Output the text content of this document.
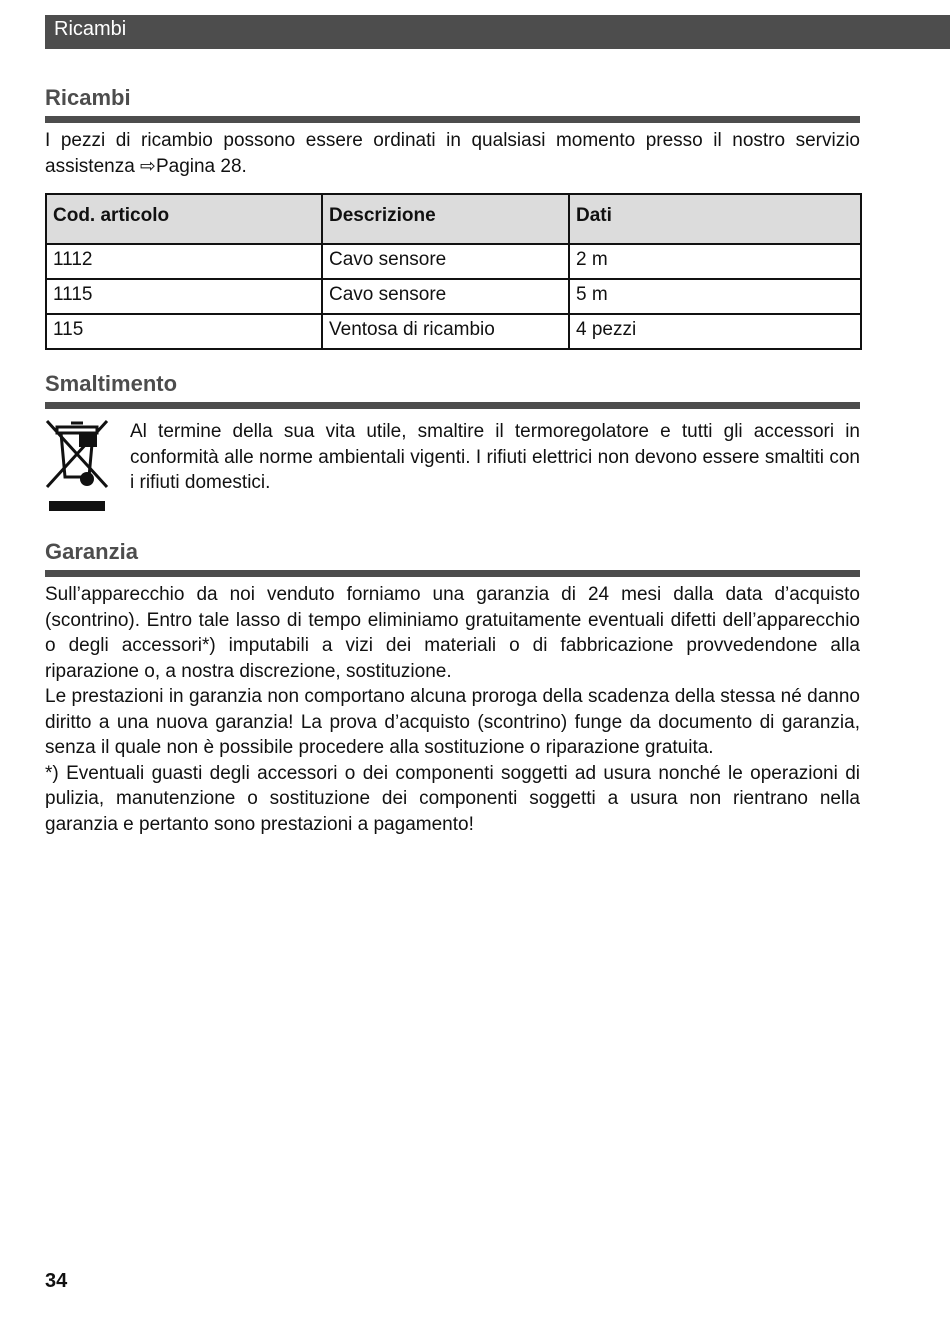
Ricambi
Ricambi

I pezzi di ricambio possono essere ordinati in qualsiasi momento presso il nostro servizio assistenza ⇨Pagina 28.

Cod. articolo	Descrizione	Dati
1112	Cavo sensore	2 m
1115	Cavo sensore	5 m
115	Ventosa di ricambio	4 pezzi
Smaltimento

Al termine della sua vita utile, smaltire il termoregolatore e tutti gli accessori in conformità alle norme ambientali vigenti. I rifiuti elettrici non devono essere smaltiti con i rifiuti domestici.

Garanzia

Sull’apparecchio da noi venduto forniamo una garanzia di 24 mesi dalla data d’acquisto (scontrino). Entro tale lasso di tempo eliminiamo gratuitamente eventuali difetti dell’apparecchio o degli accessori*) imputabili a vizi dei materiali o di fabbricazione provvedendone alla riparazione o, a nostra discrezione, sostituzione.

Le prestazioni in garanzia non comportano alcuna proroga della scadenza della stessa né danno diritto a una nuova garanzia! La prova d’acquisto (scontrino) funge da documento di garanzia, senza il quale non è possibile procedere alla sostituzione o riparazione gratuita.

*) Eventuali guasti degli accessori o dei componenti soggetti ad usura nonché le operazioni di pulizia, manutenzione o sostituzione dei componenti soggetti a usura non rientrano nella garanzia e pertanto sono prestazioni a pagamento!

34
